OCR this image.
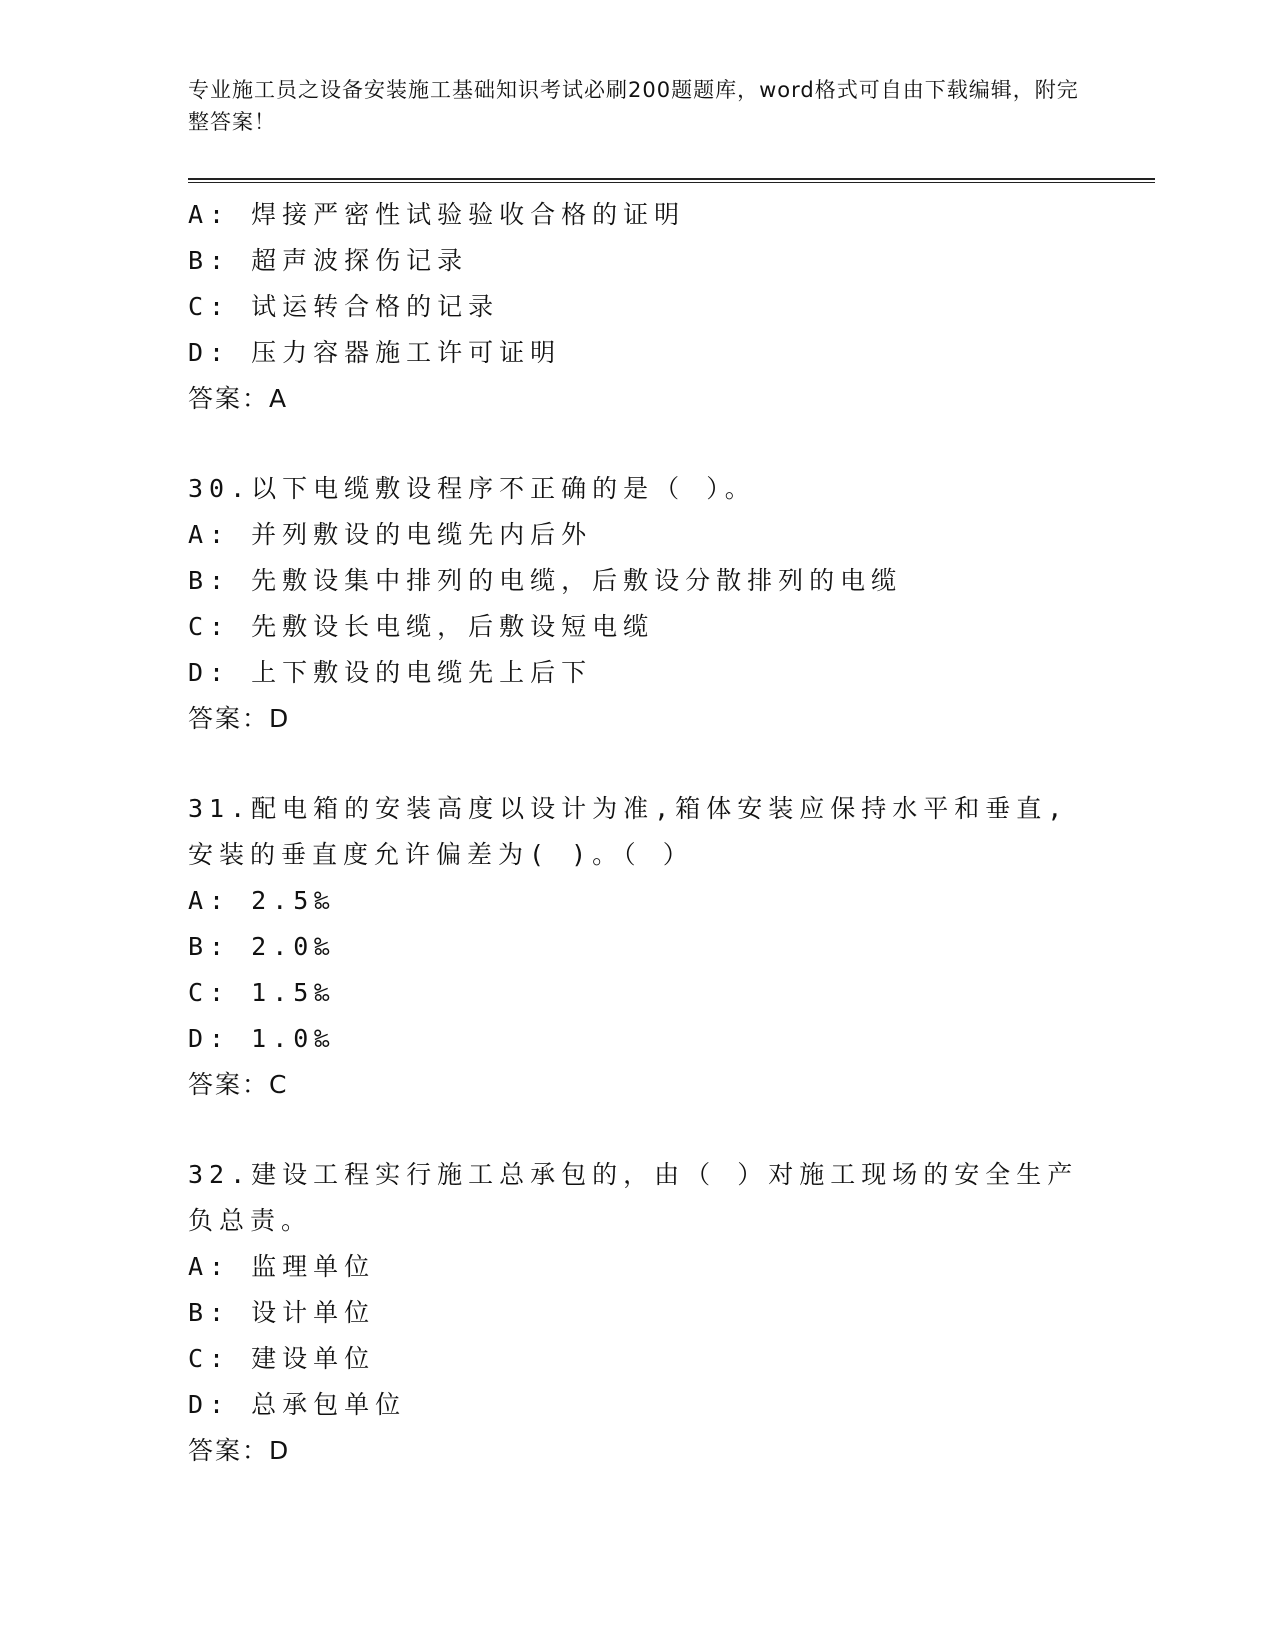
专业施工员之设备安装施工基础知识考试必刷200题题库，word格式可自由下载编辑，附完整答案！
A: 焊接严密性试验验收合格的证明
B: 超声波探伤记录
C: 试运转合格的记录
D: 压力容器施工许可证明
答案：A
30.以下电缆敷设程序不正确的是（ ）。
A: 并列敷设的电缆先内后外
B: 先敷设集中排列的电缆，后敷设分散排列的电缆
C: 先敷设长电缆，后敷设短电缆
D: 上下敷设的电缆先上后下
答案：D
31.配电箱的安装高度以设计为准,箱体安装应保持水平和垂直,安装的垂直度允许偏差为( )。（ ）
A: 2.5‰
B: 2.0‰
C: 1.5‰
D: 1.0‰
答案：C
32.建设工程实行施工总承包的，由（ ）对施工现场的安全生产负总责。
A: 监理单位
B: 设计单位
C: 建设单位
D: 总承包单位
答案：D
